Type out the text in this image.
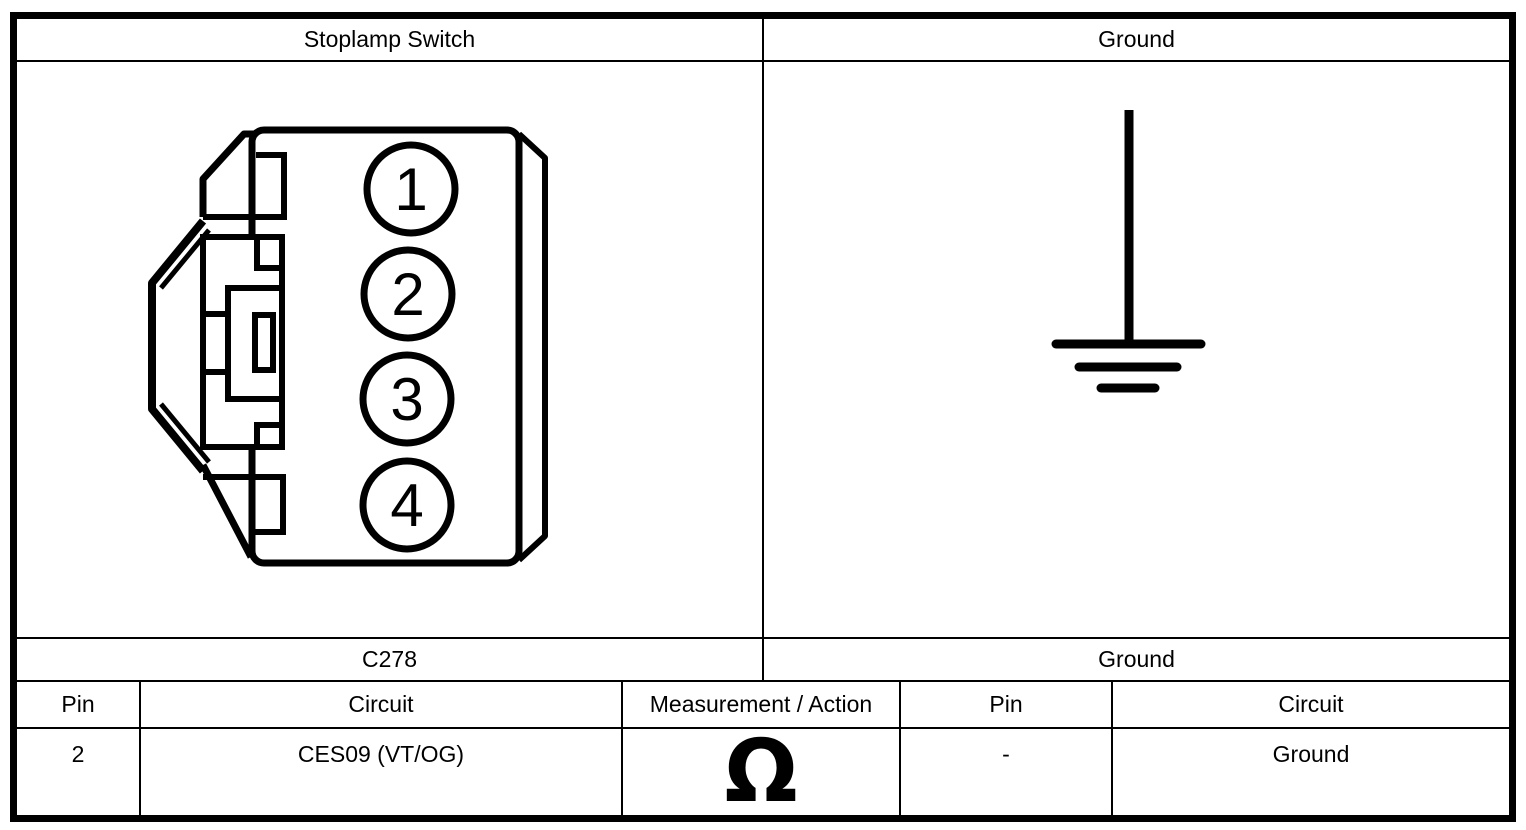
Stoplamp Switch	Ground
1
2
3
4
C278	Ground
Pin	Circuit	Measurement / Action	Pin	Circuit
2	CES09 (VT/OG)	Ω	-	Ground
